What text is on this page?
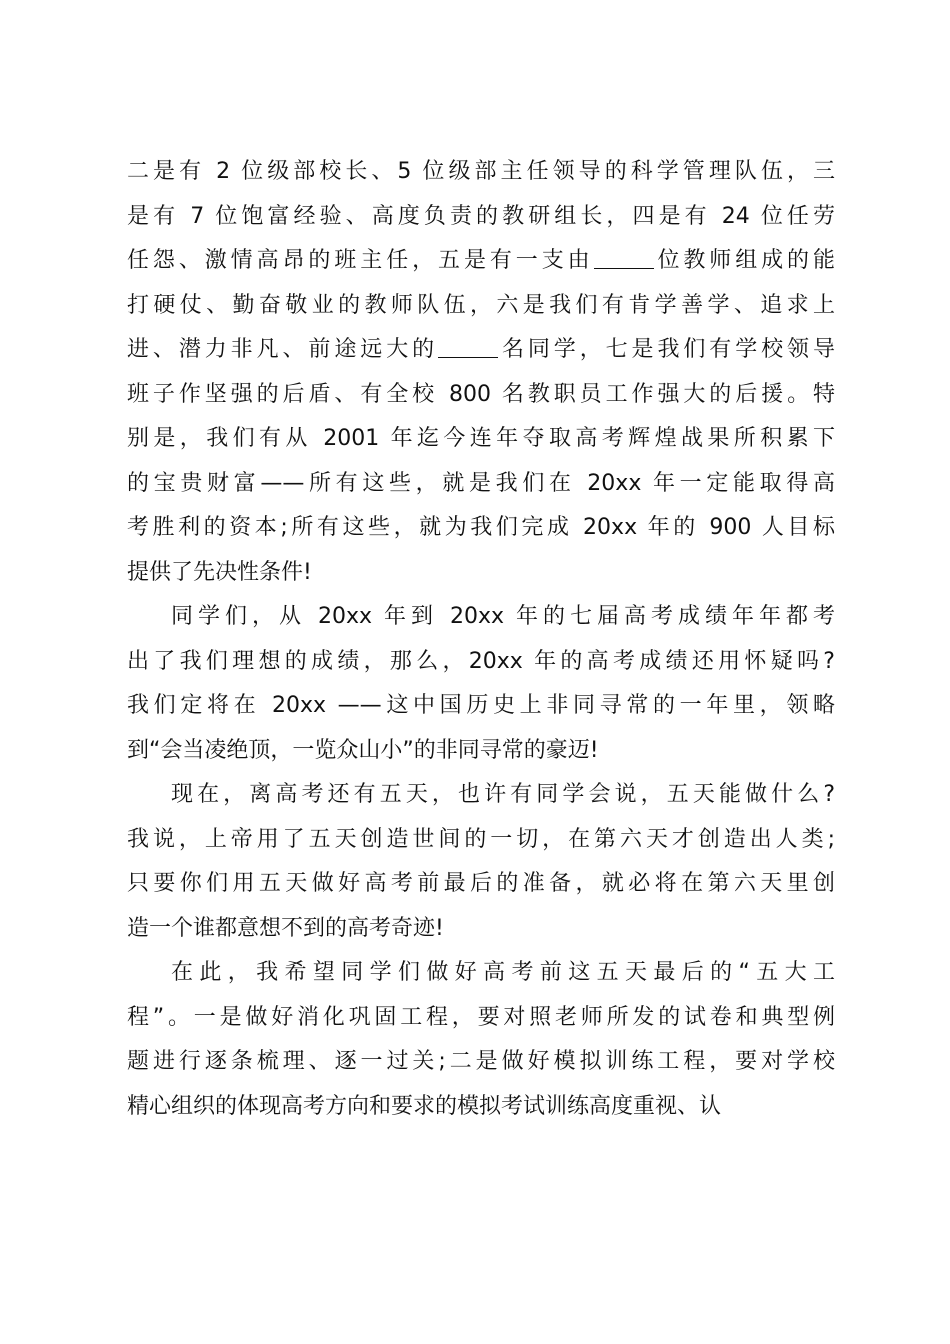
二是有 2 位级部校长、5 位级部主任领导的科学管理队伍，三
是有 7 位饱富经验、高度负责的教研组长，四是有 24 位任劳
任怨、激情高昂的班主任，五是有一支由	位教师组成的能
打硬仗、勤奋敬业的教师队伍，六是我们有肯学善学、追求上
进、潜力非凡、前途远大的	名同学，七是我们有学校领导
班子作坚强的后盾、有全校 800 名教职员工作强大的后援。特
别是，我们有从 2001 年迄今连年夺取高考辉煌战果所积累下
的宝贵财富——所有这些，就是我们在 20xx 年一定能取得高
考胜利的资本;所有这些，就为我们完成 20xx 年的 900 人目标
提供了先决性条件!
同学们，从 20xx 年到 20xx 年的七届高考成绩年年都考
出了我们理想的成绩，那么，20xx 年的高考成绩还用怀疑吗?
我们定将在 20xx ——这中国历史上非同寻常的一年里，领略
到“会当凌绝顶，一览众山小”的非同寻常的豪迈!
现在，离高考还有五天，也许有同学会说，五天能做什么?
我说，上帝用了五天创造世间的一切，在第六天才创造出人类;
只要你们用五天做好高考前最后的准备，就必将在第六天里创
造一个谁都意想不到的高考奇迹!
在此，我希望同学们做好高考前这五天最后的“五大工
程”。一是做好消化巩固工程，要对照老师所发的试卷和典型例
题进行逐条梳理、逐一过关;二是做好模拟训练工程，要对学校
精心组织的体现高考方向和要求的模拟考试训练高度重视、认
